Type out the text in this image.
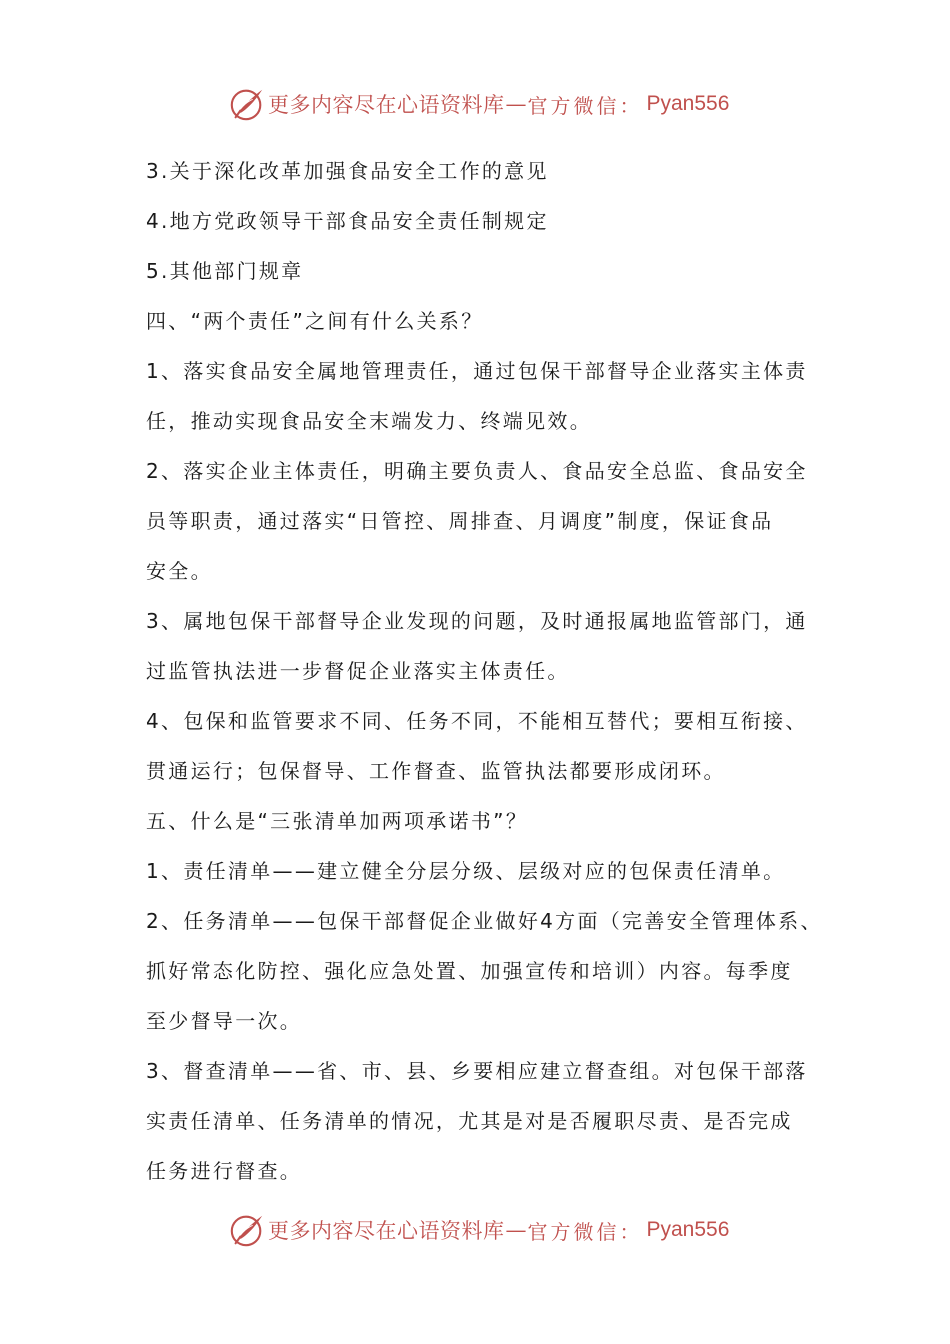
更多内容尽在心语资料库 — 官方微信： Pyan556
3.关于深化改革加强食品安全工作的意见
4.地方党政领导干部食品安全责任制规定
5.其他部门规章
四、“两个责任”之间有什么关系？
1、落实食品安全属地管理责任，通过包保干部督导企业落实主体责
任，推动实现食品安全末端发力、终端见效。
2、落实企业主体责任，明确主要负责人、食品安全总监、食品安全
员等职责，通过落实“日管控、周排查、月调度”制度，保证食品
安全。
3、属地包保干部督导企业发现的问题，及时通报属地监管部门，通
过监管执法进一步督促企业落实主体责任。
4、包保和监管要求不同、任务不同，不能相互替代；要相互衔接、
贯通运行；包保督导、工作督查、监管执法都要形成闭环。
五、什么是“三张清单加两项承诺书”？
1、责任清单——建立健全分层分级、层级对应的包保责任清单。
2、任务清单——包保干部督促企业做好4方面（完善安全管理体系、
抓好常态化防控、强化应急处置、加强宣传和培训）内容。每季度
至少督导一次。
3、督查清单——省、市、县、乡要相应建立督查组。对包保干部落
实责任清单、任务清单的情况，尤其是对是否履职尽责、是否完成
任务进行督查。
更多内容尽在心语资料库 — 官方微信： Pyan556
